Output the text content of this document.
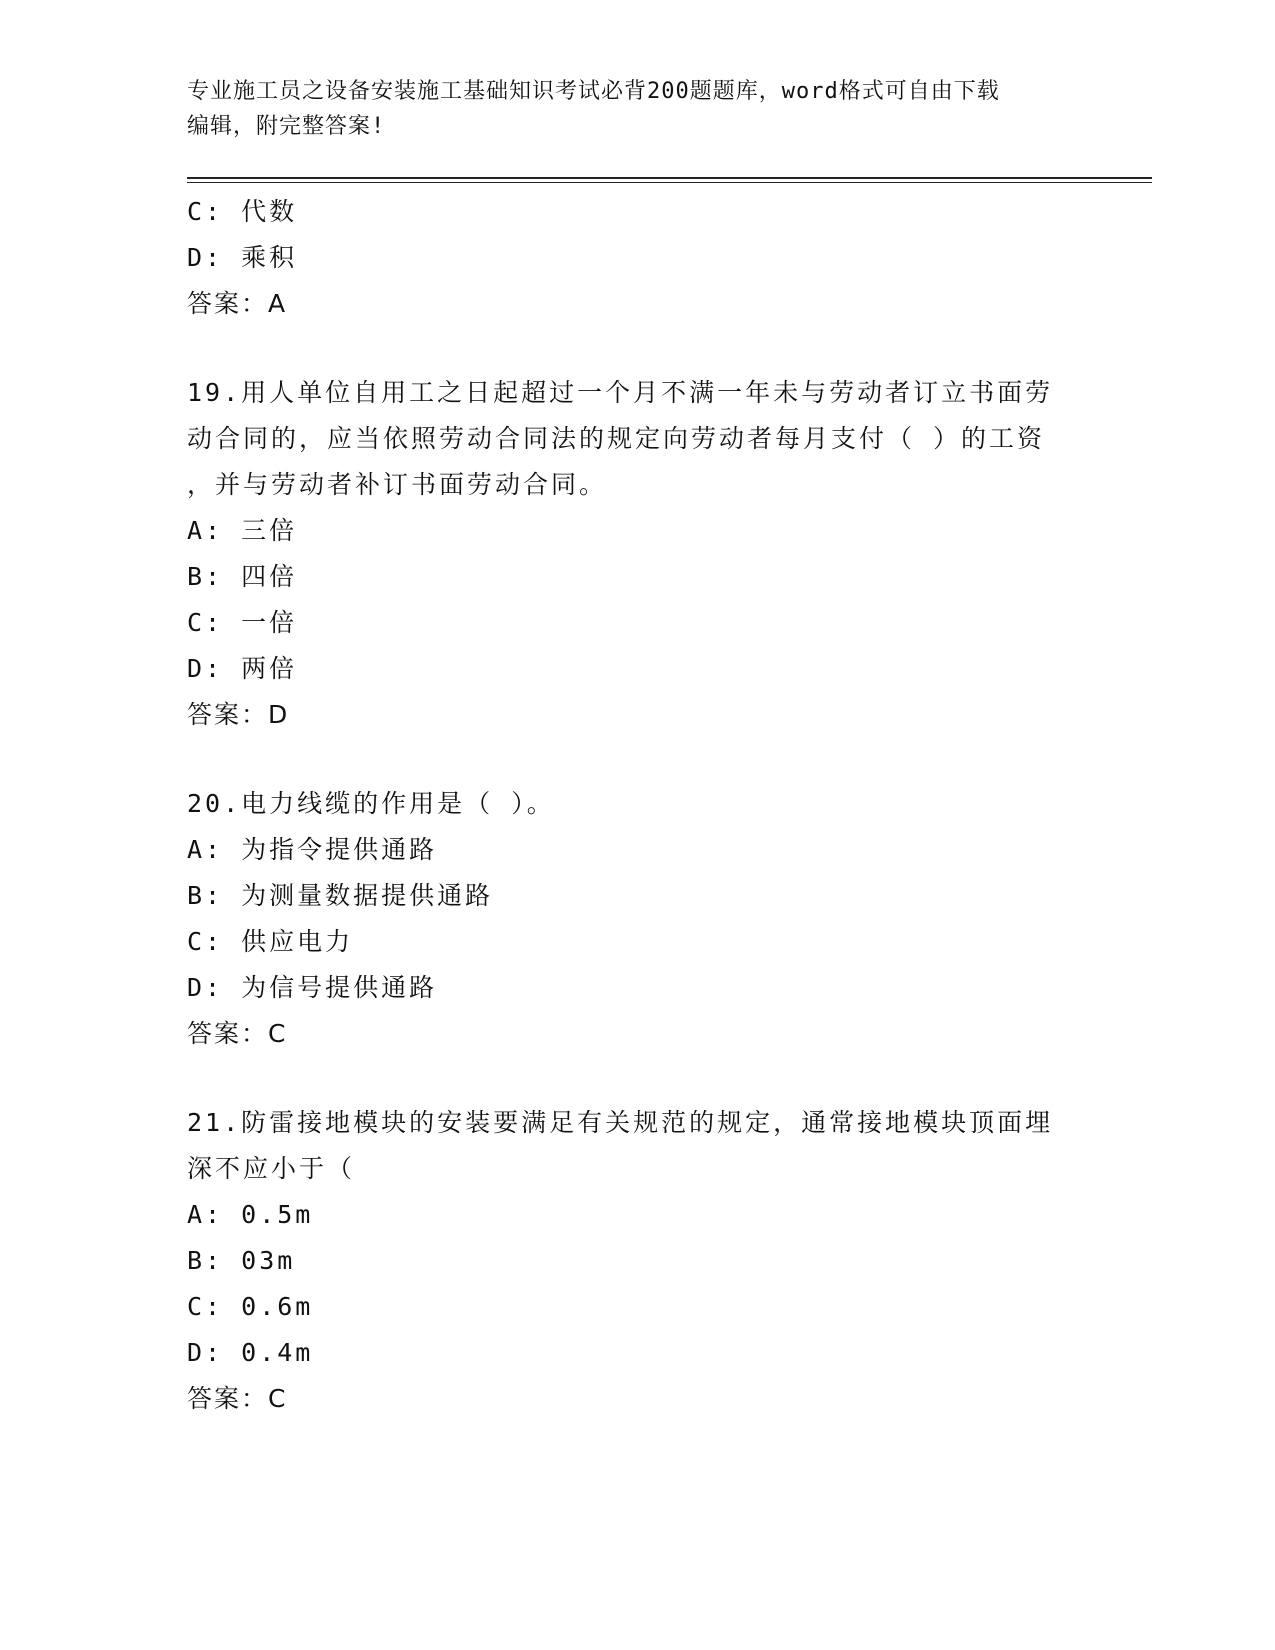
专业施工员之设备安装施工基础知识考试必背200题题库，word格式可自由下载
编辑，附完整答案!
C: 代数
D: 乘积
答案：A
19.用人单位自用工之日起超过一个月不满一年未与劳动者订立书面劳
动合同的，应当依照劳动合同法的规定向劳动者每月支付（ ）的工资
，并与劳动者补订书面劳动合同。
A: 三倍
B: 四倍
C: 一倍
D: 两倍
答案：D
20.电力线缆的作用是（ ）。
A: 为指令提供通路
B: 为测量数据提供通路
C: 供应电力
D: 为信号提供通路
答案：C
21.防雷接地模块的安装要满足有关规范的规定，通常接地模块顶面埋
深不应小于（
A: 0.5m
B: 03m
C: 0.6m
D: 0.4m
答案：C
